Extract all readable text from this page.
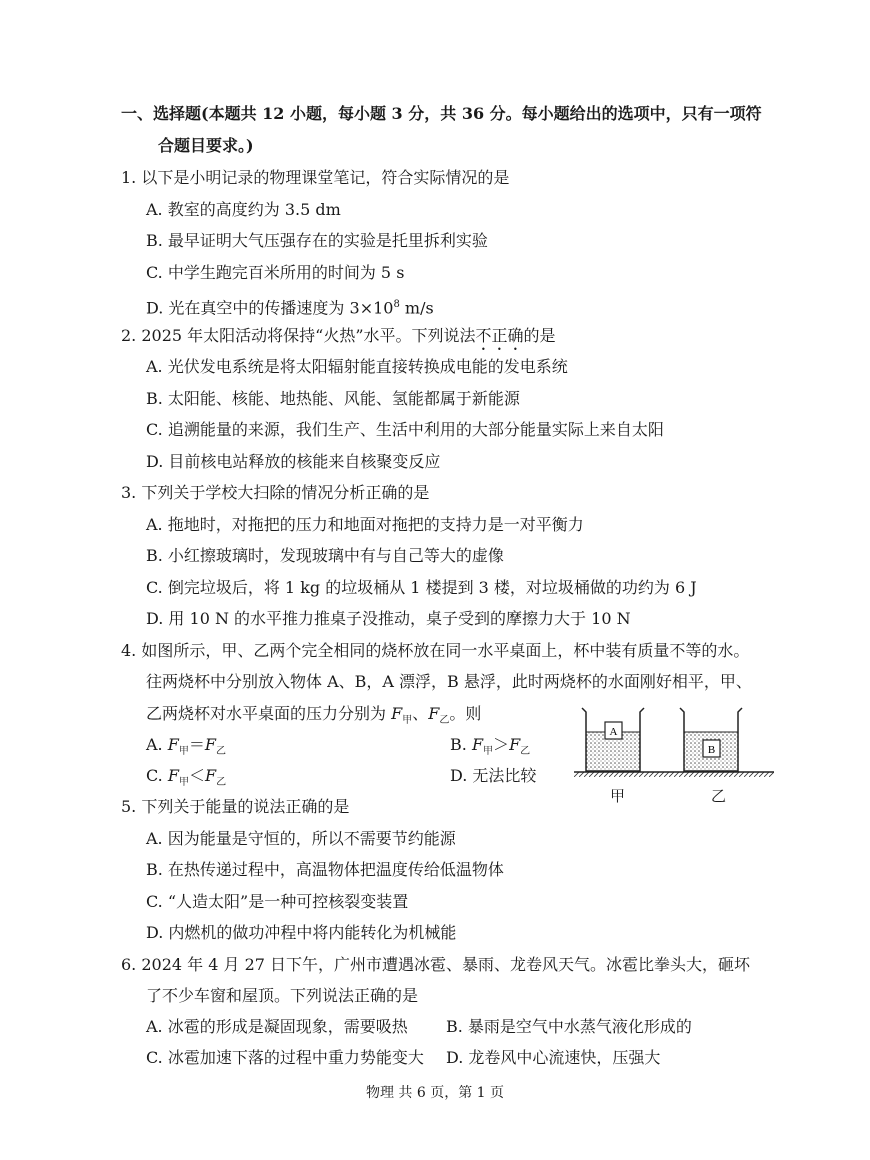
一、选择题(本题共 12 小题，每小题 3 分，共 36 分。每小题给出的选项中，只有一项符
合题目要求。)
1. 以下是小明记录的物理课堂笔记，符合实际情况的是
A. 教室的高度约为 3.5 dm
B. 最早证明大气压强存在的实验是托里拆利实验
C. 中学生跑完百米所用的时间为 5 s
D. 光在真空中的传播速度为 $3\times 10^8$ m/s
2. 2025 年太阳活动将保持“火热”水平。下列说法不正确的是
A. 光伏发电系统是将太阳辐射能直接转换成电能的发电系统
B. 太阳能、核能、地热能、风能、氢能都属于新能源
C. 追溯能量的来源，我们生产、生活中利用的大部分能量实际上来自太阳
D. 目前核电站释放的核能来自核聚变反应
3. 下列关于学校大扫除的情况分析正确的是
A. 拖地时，对拖把的压力和地面对拖把的支持力是一对平衡力
B. 小红擦玻璃时，发现玻璃中有与自己等大的虚像
C. 倒完垃圾后，将 1 kg 的垃圾桶从 1 楼提到 3 楼，对垃圾桶做的功约为 6 J
D. 用 10 N 的水平推力推桌子没推动，桌子受到的摩擦力大于 10 N
4. 如图所示，甲、乙两个完全相同的烧杯放在同一水平桌面上，杯中装有质量不等的水。
往两烧杯中分别放入物体 A、B，A 漂浮，B 悬浮，此时两烧杯的水面刚好相平，甲、
乙两烧杯对水平桌面的压力分别为 $F_甲$、$F_乙$。则
A. $F_甲=F_乙$	B. $F_甲>F_乙$
C. $F_甲<F_乙$	D. 无法比较
A
B
甲	乙
5. 下列关于能量的说法正确的是
A. 因为能量是守恒的，所以不需要节约能源
B. 在热传递过程中，高温物体把温度传给低温物体
C. “人造太阳”是一种可控核裂变装置
D. 内燃机的做功冲程中将内能转化为机械能
6. 2024 年 4 月 27 日下午，广州市遭遇冰雹、暴雨、龙卷风天气。冰雹比拳头大，砸坏
了不少车窗和屋顶。下列说法正确的是
A. 冰雹的形成是凝固现象，需要吸热 B. 暴雨是空气中水蒸气液化形成的
C. 冰雹加速下落的过程中重力势能变大 D. 龙卷风中心流速快，压强大
物理 共 6 页，第 1 页
